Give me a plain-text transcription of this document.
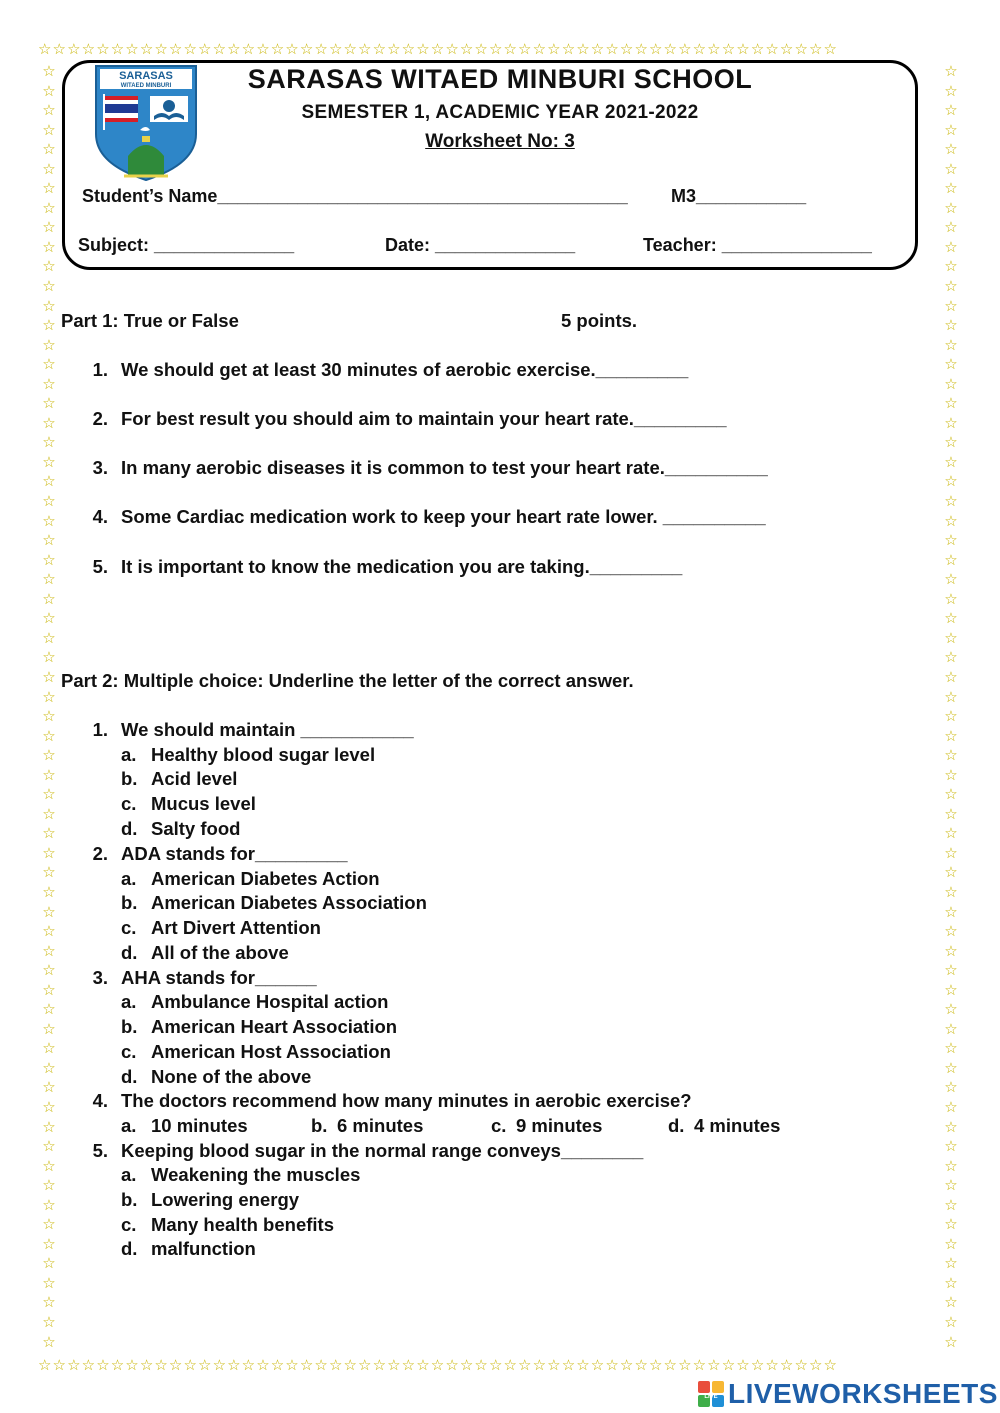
☆☆☆☆☆☆☆☆☆☆☆☆☆☆☆☆☆☆☆☆☆☆☆☆☆☆☆☆☆☆☆☆☆☆☆☆☆☆☆☆☆☆☆☆☆☆☆☆☆☆☆☆☆☆☆
☆☆☆☆☆☆☆☆☆☆☆☆☆☆☆☆☆☆☆☆☆☆☆☆☆☆☆☆☆☆☆☆☆☆☆☆☆☆☆☆☆☆☆☆☆☆☆☆☆☆☆☆☆☆☆
☆
☆
☆
☆
☆
☆
☆
☆
☆
☆
☆
☆
☆
☆
☆
☆
☆
☆
☆
☆
☆
☆
☆
☆
☆
☆
☆
☆
☆
☆
☆
☆
☆
☆
☆
☆
☆
☆
☆
☆
☆
☆
☆
☆
☆
☆
☆
☆
☆
☆
☆
☆
☆
☆
☆
☆
☆
☆
☆
☆
☆
☆
☆
☆
☆
☆
☆
☆
☆
☆
☆
☆
☆
☆
☆
☆
☆
☆
☆
☆
☆
☆
☆
☆
☆
☆
☆
☆
☆
☆
☆
☆
☆
☆
☆
☆
☆
☆
☆
☆
☆
☆
☆
☆
☆
☆
☆
☆
☆
☆
☆
☆
☆
☆
☆
☆
☆
☆
☆
☆
☆
☆
☆
☆
☆
☆
☆
☆
☆
☆
☆
☆
SARASAS
WITAED MINBURI	SARASAS WITAED MINBURI SCHOOL
SEMESTER 1, ACADEMIC YEAR 2021-2022
Worksheet No: 3
Student’s Name_________________________________________ M3___________
Subject: ______________	Date: ______________	Teacher: _______________
Part 1: True or False	5 points.
1. We should get at least 30 minutes of aerobic exercise._________
2. For best result you should aim to maintain your heart rate._________
3. In many aerobic diseases it is common to test your heart rate.__________
4. Some Cardiac medication work to keep your heart rate lower. __________
5. It is important to know the medication you are taking._________
Part 2: Multiple choice: Underline the letter of the correct answer.
1. We should maintain ___________
a. Healthy blood sugar level
b. Acid level
c. Mucus level
d. Salty food
2. ADA stands for_________
a. American Diabetes Action
b. American Diabetes Association
c. Art Divert Attention
d. All of the above
3. AHA stands for______
a. Ambulance Hospital action
b. American Heart Association
c. American Host Association
d. None of the above
4. The doctors recommend how many minutes in aerobic exercise?
a. 10 minutes	b. 6 minutes	c. 9 minutes	d. 4 minutes
5. Keeping blood sugar in the normal range conveys________
a. Weakening the muscles
b. Lowering energy
c. Many health benefits
d. malfunction
LIVE LIVEWORKSHEETS
